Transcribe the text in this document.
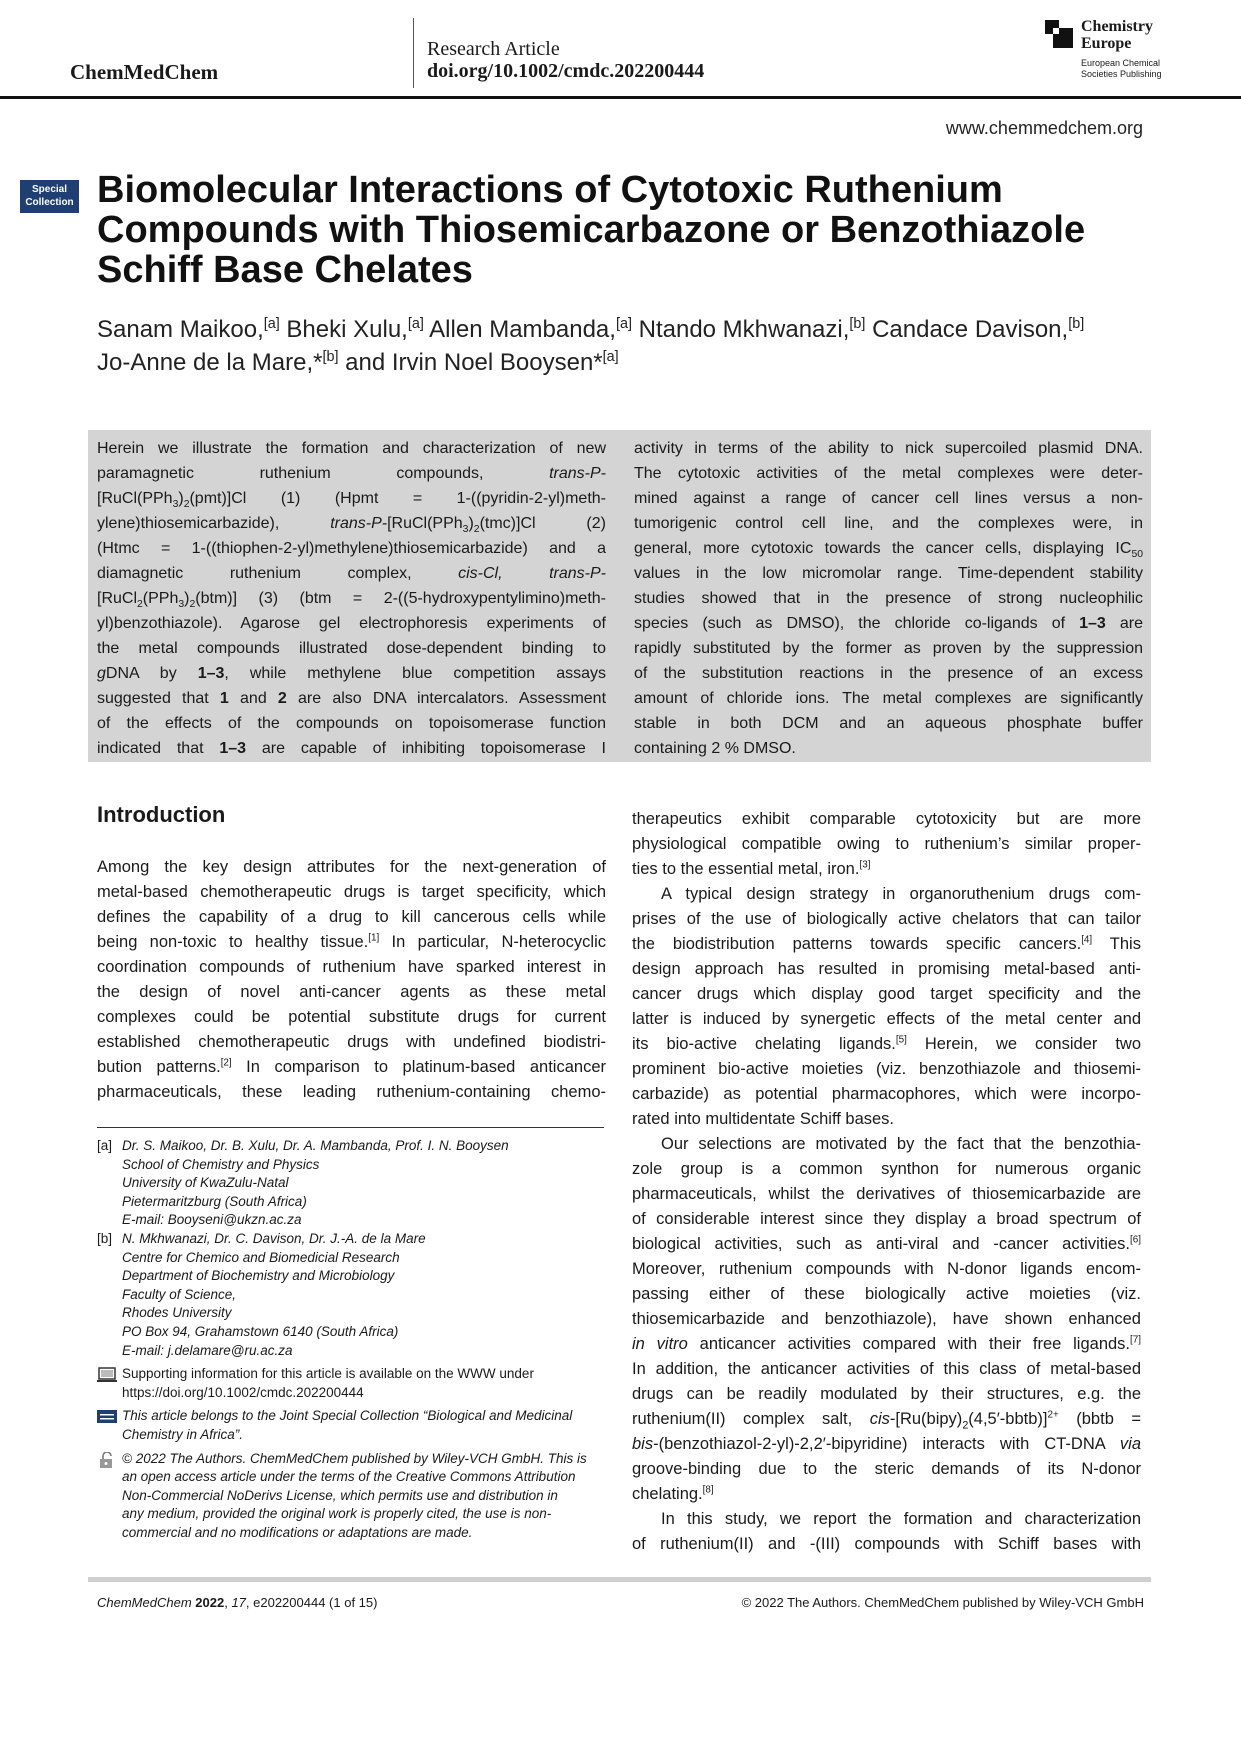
ChemMedChem
Research Article
doi.org/10.1002/cmdc.202200444
Chemistry
Europe
European Chemical
Societies Publishing
www.chemmedchem.org
Special
Collection Biomolecular Interactions of Cytotoxic Ruthenium
Compounds with Thiosemicarbazone or Benzothiazole
Schiff Base Chelates
Sanam Maikoo,[a] Bheki Xulu,[a] Allen Mambanda,[a] Ntando Mkhwanazi,[b] Candace Davison,[b]
Jo-Anne de la Mare,*[b] and Irvin Noel Booysen*[a]
Herein we illustrate the formation and characterization of new
paramagnetic	ruthenium	compounds,	trans-P-
$[RuCl(PPh_3)_2(pmt)]Cl$ (1) (Hpmt = 1-((pyridin-2-yl)meth-
ylene)thiosemicarbazide),	trans-$P-[RuCl(PPh_3)_2(tmc)]Cl$	(2)
(Htmc = 1-((thiophen-2-yl)methylene)thiosemicarbazide) and a
diamagnetic	ruthenium	complex,	cis-Cl,	trans-P-
$[RuCl_2(PPh_3)_2(btm)]$ (3) (btm = 2-((5-hydroxypentylimino)meth-
yl)benzothiazole). Agarose gel electrophoresis experiments of
the metal compounds illustrated dose-dependent binding to
gDNA by 1–3, while methylene blue competition assays
suggested that 1 and 2 are also DNA intercalators. Assessment
of the effects of the compounds on topoisomerase function
indicated that 1–3 are capable of inhibiting topoisomerase I
activity in terms of the ability to nick supercoiled plasmid DNA.
The cytotoxic activities of the metal complexes were deter-
mined against a range of cancer cell lines versus a non-
tumorigenic control cell line, and the complexes were, in
general, more cytotoxic towards the cancer cells, displaying $IC_{50}$
values in the low micromolar range. Time-dependent stability
studies showed that in the presence of strong nucleophilic
species (such as DMSO), the chloride co-ligands of 1–3 are
rapidly substituted by the former as proven by the suppression
of the substitution reactions in the presence of an excess
amount of chloride ions. The metal complexes are significantly
stable in both DCM and an aqueous phosphate buffer
containing 2 % DMSO.
Introduction
Among the key design attributes for the next-generation of
metal-based chemotherapeutic drugs is target specificity, which
defines the capability of a drug to kill cancerous cells while
being non-toxic to healthy tissue.[1] In particular, N-heterocyclic
coordination compounds of ruthenium have sparked interest in
the design of novel anti-cancer agents as these metal
complexes could be potential substitute drugs for current
established chemotherapeutic drugs with undefined biodistri-
bution patterns.[2] In comparison to platinum-based anticancer
pharmaceuticals, these leading ruthenium-containing chemo-
therapeutics exhibit comparable cytotoxicity but are more
physiological compatible owing to ruthenium’s similar proper-
ties to the essential metal, iron.[3]
A typical design strategy in organoruthenium drugs com-
prises of the use of biologically active chelators that can tailor
the biodistribution patterns towards specific cancers.[4] This
design approach has resulted in promising metal-based anti-
cancer drugs which display good target specificity and the
latter is induced by synergetic effects of the metal center and
its bio-active chelating ligands.[5] Herein, we consider two
prominent bio-active moieties (viz. benzothiazole and thiosemi-
carbazide) as potential pharmacophores, which were incorpo-
rated into multidentate Schiff bases.
Our selections are motivated by the fact that the benzothia-
zole group is a common synthon for numerous organic
pharmaceuticals, whilst the derivatives of thiosemicarbazide are
of considerable interest since they display a broad spectrum of
biological activities, such as anti-viral and -cancer activities.[6]
Moreover, ruthenium compounds with N-donor ligands encom-
passing either of these biologically active moieties (viz.
thiosemicarbazide and benzothiazole), have shown enhanced
in vitro anticancer activities compared with their free ligands.[7]
In addition, the anticancer activities of this class of metal-based
drugs can be readily modulated by their structures, e.g. the
ruthenium(II) complex salt, cis-$[Ru(bipy)_2(4,5'-bbtb)]^{2+}$ (bbtb =
bis-(benzothiazol-2-yl)-2,2′-bipyridine) interacts with CT-DNA via
groove-binding due to the steric demands of its N-donor
chelating.[8]
In this study, we report the formation and characterization
of ruthenium(II) and -(III) compounds with Schiff bases with
[a] Dr. S. Maikoo, Dr. B. Xulu, Dr. A. Mambanda, Prof. I. N. Booysen
School of Chemistry and Physics
University of KwaZulu-Natal
Pietermaritzburg (South Africa)
E-mail: Booyseni@ukzn.ac.za
[b] N. Mkhwanazi, Dr. C. Davison, Dr. J.-A. de la Mare
Centre for Chemico and Biomedicial Research
Department of Biochemistry and Microbiology
Faculty of Science,
Rhodes University
PO Box 94, Grahamstown 6140 (South Africa)
E-mail: j.delamare@ru.ac.za
Supporting information for this article is available on the WWW under
https://doi.org/10.1002/cmdc.202200444
This article belongs to the Joint Special Collection “Biological and Medicinal
Chemistry in Africa”.
© 2022 The Authors. ChemMedChem published by Wiley-VCH GmbH. This is
an open access article under the terms of the Creative Commons Attribution
Non-Commercial NoDerivs License, which permits use and distribution in
any medium, provided the original work is properly cited, the use is non-
commercial and no modifications or adaptations are made.
ChemMedChem 2022, 17, e202200444 (1 of 15)	© 2022 The Authors. ChemMedChem published by Wiley-VCH GmbH
